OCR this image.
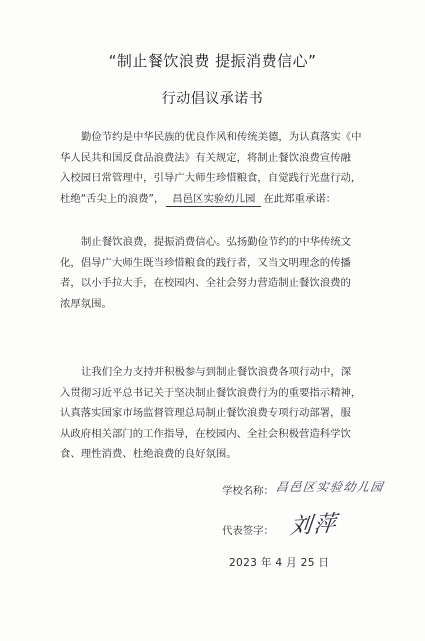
“制止餐饮浪费 提振消费信心”
行动倡议承诺书
勤俭节约是中华民族的优良作风和传统美德，为认真落实《中
华人民共和国反食品浪费法》有关规定，将制止餐饮浪费宣传融
入校园日常管理中，引导广大师生珍惜粮食，自觉践行光盘行动，
杜绝“舌尖上的浪费”， 昌邑区实验幼儿园 在此郑重承诺：
制止餐饮浪费，提振消费信心。弘扬勤俭节约的中华传统文
化，倡导广大师生既当珍惜粮食的践行者，又当文明理念的传播
者，以小手拉大手，在校园内、全社会努力营造制止餐饮浪费的
浓厚氛围。
让我们全力支持并积极参与到制止餐饮浪费各项行动中，深
入贯彻习近平总书记关于坚决制止餐饮浪费行为的重要指示精神，
认真落实国家市场监督管理总局制止餐饮浪费专项行动部署，服
从政府相关部门的工作指导，在校园内、全社会积极营造科学饮
食、理性消费、杜绝浪费的良好氛围。
学校名称： 昌邑区实验幼儿园
代表签字： 刘萍
2023 年 4 月 25 日
